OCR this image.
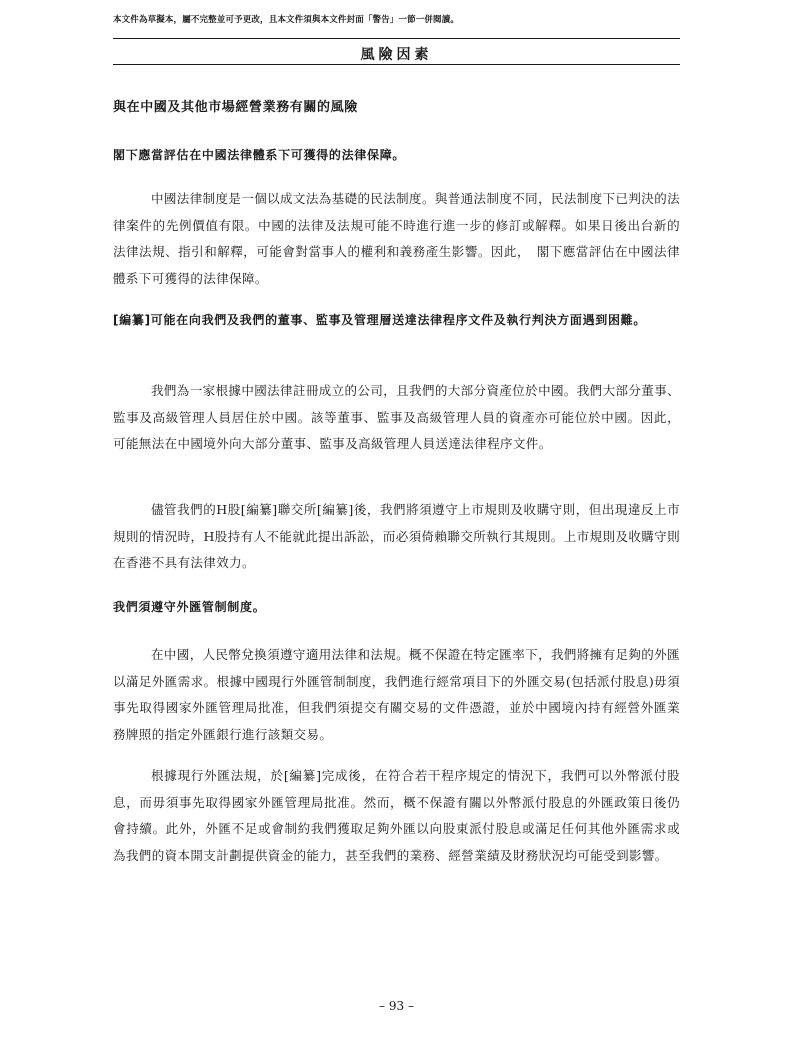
本文件為草擬本，屬不完整並可予更改，且本文件須與本文件封面「警告」一節一併閱讀。
風險因素
與在中國及其他市場經營業務有關的風險
閣下應當評估在中國法律體系下可獲得的法律保障。
中國法律制度是一個以成文法為基礎的民法制度。與普通法制度不同，民法制度下已判決的法律案件的先例價值有限。中國的法律及法規可能不時進行進一步的修訂或解釋。如果日後出台新的法律法規、指引和解釋，可能會對當事人的權利和義務產生影響。因此，　閣下應當評估在中國法律體系下可獲得的法律保障。
[編纂]可能在向我們及我們的董事、監事及管理層送達法律程序文件及執行判決方面遇到困難。
我們為一家根據中國法律註冊成立的公司，且我們的大部分資產位於中國。我們大部分董事、監事及高級管理人員居住於中國。該等董事、監事及高級管理人員的資產亦可能位於中國。因此，可能無法在中國境外向大部分董事、監事及高級管理人員送達法律程序文件。
儘管我們的H股[編纂]聯交所[編纂]後，我們將須遵守上市規則及收購守則，但出現違反上市規則的情況時，H股持有人不能就此提出訴訟，而必須倚賴聯交所執行其規則。上市規則及收購守則在香港不具有法律效力。
我們須遵守外匯管制制度。
在中國，人民幣兌換須遵守適用法律和法規。概不保證在特定匯率下，我們將擁有足夠的外匯以滿足外匯需求。根據中國現行外匯管制制度，我們進行經常項目下的外匯交易(包括派付股息)毋須事先取得國家外匯管理局批准，但我們須提交有關交易的文件憑證，並於中國境內持有經營外匯業務牌照的指定外匯銀行進行該類交易。
根據現行外匯法規，於[編纂]完成後，在符合若干程序規定的情況下，我們可以外幣派付股息，而毋須事先取得國家外匯管理局批准。然而，概不保證有關以外幣派付股息的外匯政策日後仍會持續。此外，外匯不足或會制約我們獲取足夠外匯以向股東派付股息或滿足任何其他外匯需求或為我們的資本開支計劃提供資金的能力，甚至我們的業務、經營業績及財務狀況均可能受到影響。
– 93 –
